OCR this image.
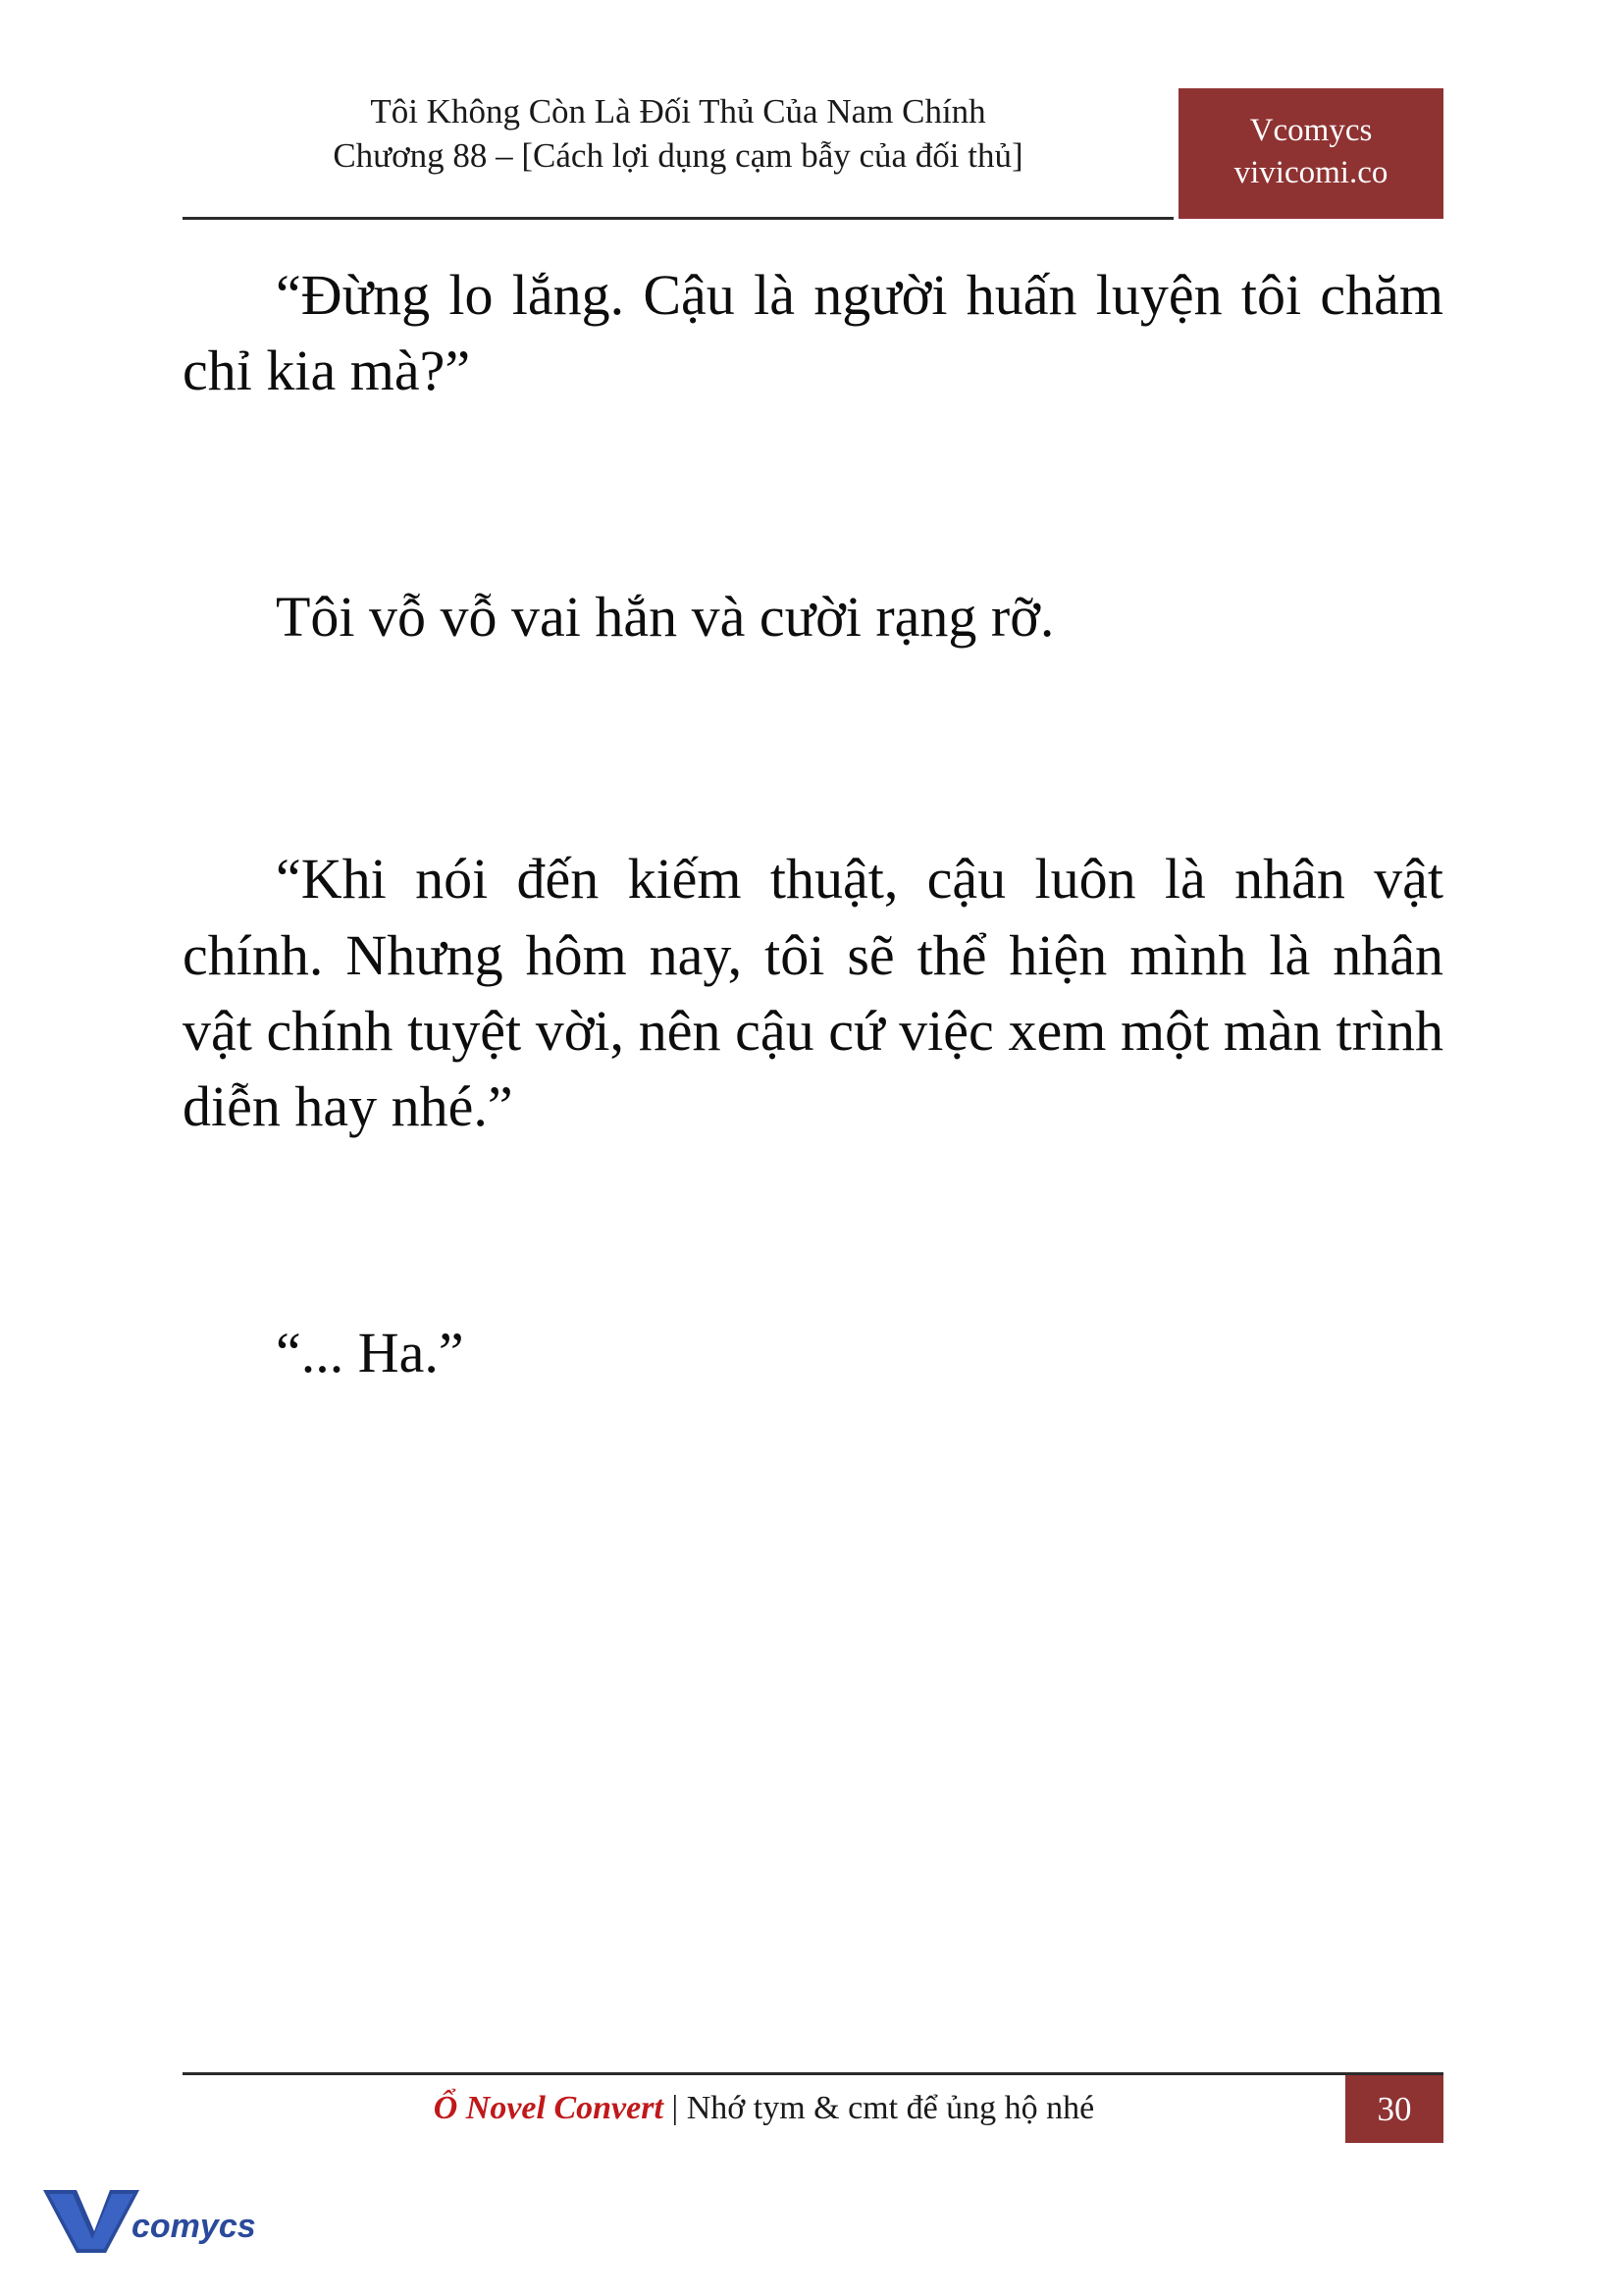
Tôi Không Còn Là Đối Thủ Của Nam Chính
Chương 88 – [Cách lợi dụng cạm bẫy của đối thủ]
Vcomycs
vivicomi.co

“Đừng lo lắng. Cậu là người huấn luyện tôi chăm chỉ kia mà?”

Tôi vỗ vỗ vai hắn và cười rạng rỡ.

“Khi nói đến kiếm thuật, cậu luôn là nhân vật chính. Nhưng hôm nay, tôi sẽ thể hiện mình là nhân vật chính tuyệt vời, nên cậu cứ việc xem một màn trình diễn hay nhé.”

“... Ha.”

Ổ Novel Convert | Nhớ tym & cmt để ủng hộ nhé	30
comycs
